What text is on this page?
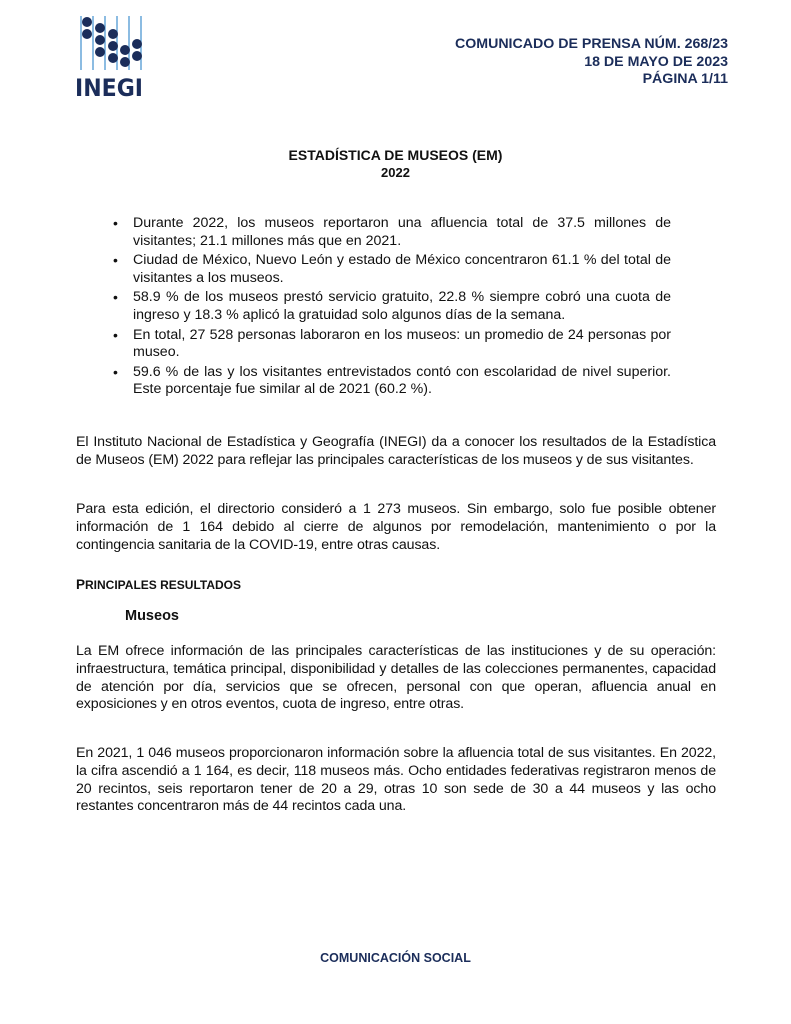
INEGI
COMUNICADO DE PRENSA NÚM. 268/23
18 DE MAYO DE 2023
PÁGINA 1/11
ESTADÍSTICA DE MUSEOS (EM)
2022
• Durante 2022, los museos reportaron una afluencia total de 37.5 millones de visitantes; 21.1 millones más que en 2021.
• Ciudad de México, Nuevo León y estado de México concentraron 61.1 % del total de visitantes a los museos.
• 58.9 % de los museos prestó servicio gratuito, 22.8 % siempre cobró una cuota de ingreso y 18.3 % aplicó la gratuidad solo algunos días de la semana.
• En total, 27 528 personas laboraron en los museos: un promedio de 24 personas por museo.
• 59.6 % de las y los visitantes entrevistados contó con escolaridad de nivel superior. Este porcentaje fue similar al de 2021 (60.2 %).

El Instituto Nacional de Estadística y Geografía (INEGI) da a conocer los resultados de la Estadística de Museos (EM) 2022 para reflejar las principales características de los museos y de sus visitantes.

Para esta edición, el directorio consideró a 1 273 museos. Sin embargo, solo fue posible obtener información de 1 164 debido al cierre de algunos por remodelación, mantenimiento o por la contingencia sanitaria de la COVID-19, entre otras causas.

PRINCIPALES RESULTADOS
Museos

La EM ofrece información de las principales características de las instituciones y de su operación: infraestructura, temática principal, disponibilidad y detalles de las colecciones permanentes, capacidad de atención por día, servicios que se ofrecen, personal con que operan, afluencia anual en exposiciones y en otros eventos, cuota de ingreso, entre otras.

En 2021, 1 046 museos proporcionaron información sobre la afluencia total de sus visitantes. En 2022, la cifra ascendió a 1 164, es decir, 118 museos más. Ocho entidades federativas registraron menos de 20 recintos, seis reportaron tener de 20 a 29, otras 10 son sede de 30 a 44 museos y las ocho restantes concentraron más de 44 recintos cada una.

COMUNICACIÓN SOCIAL
